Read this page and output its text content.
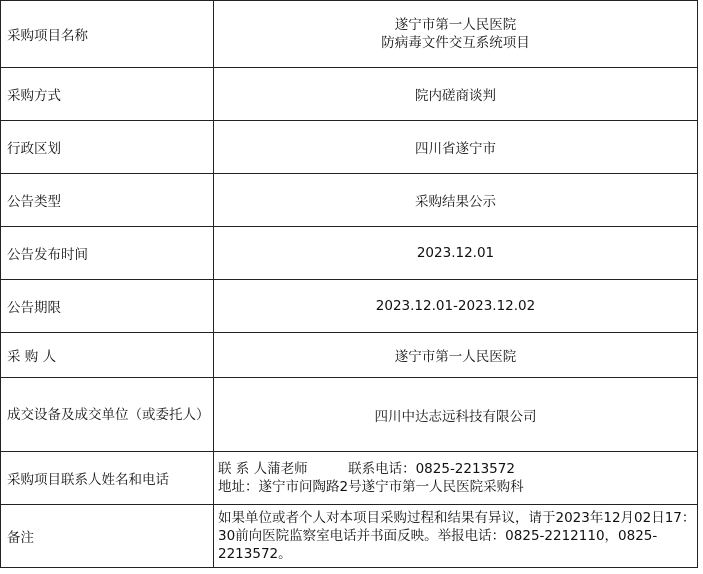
采购项目名称	遂宁市第一人民医院
防病毒文件交互系统项目

采购方式	院内磋商谈判
行政区划	四川省遂宁市
公告类型	采购结果公示
公告发布时间	2023.12.01
公告期限	2023.12.01-2023.12.02
采 购 人	遂宁市第一人民医院

成交设备及成交单位（或委托人）	四川中达志远科技有限公司
采购项目联系人姓名和电话	联 系 人蒲老师　　　联系电话：0825-2213572
地址：遂宁市问陶路2号遂宁市第一人民医院采购科

备注	如果单位或者个人对本项目采购过程和结果有异议，请于2023年12月02日17：30前向医院监察室电话并书面反映。举报电话：0825-2212110，0825-2213572。
